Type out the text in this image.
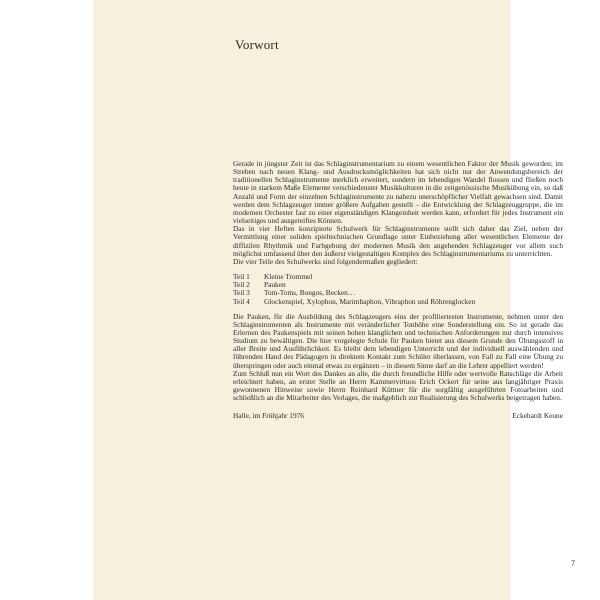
Vorwort

Gerade in jüngster Zeit ist das Schlaginstrumentarium zu einem wesentlichen Faktor der Musik geworden; im Streben nach neuen Klang- und Ausdrucksmöglichkeiten hat sich nicht nur der Anwendungsbereich der traditionellen Schlaginstrumente merklich erweitert, sondern im lebendigen Wandel flossen und fließen noch heute in starkem Maße Elemente verschiedenster Musikkulturen in die zeitgenössische Musikübung ein, so daß Anzahl und Form der einzelnen Schlaginstrumente zu nahezu unerschöpflicher Vielfalt gewachsen sind. Damit werden dem Schlagzeuger immer größere Aufgaben gestellt – die Entwicklung der Schlagzeuggruppe, die im modernen Orchester fast zu einer eigenständigen Klangeinheit werden kann, erfordert für jedes Instrument ein vielseitiges und ausgereiftes Können.

Das in vier Heften konzipierte Schulwerk für Schlaginstrumente stellt sich daher das Ziel, neben der Vermittlung einer soliden spieltechnischen Grundlage unter Einbeziehung aller wesentlichen Elemente der diffizilen Rhythmik und Farbgebung der modernen Musik den angehenden Schlagzeuger vor allem such möglichst umfassend über den äußerst vielgestaltigen Komplex des Schlaginstrumentariums zu unterrichten.

Die vier Teile des Schulwerks sind folgendermaßen gegliedert:

Teil 1	Kleine Trommel
Teil 2	Pauken
Teil 3	Tom-Toms, Bongos, Becken…
Teil 4	Glockenspiel, Xylophon, Marimbaphon, Vibraphon und Röhrenglocken

Die Pauken, für die Ausbildung des Schlagzeugers eins der profiliertesten Instrumente, nehmen unter den Schlaginstrumenten als Instrumente mit veränderlicher Tonhöhe eine Sonderstellung ein. So ist gerade das Erlernen des Paukenspiels mit seinen hohen klanglichen und technischen Anforderungen nur durch intensives Studium zu bewältigen. Die hier vorgelegte Schule für Pauken bietet aus diesem Grunde den Übungsstoff in aller Breite und Ausführlichkeit. Es bleibt dem lebendigen Unterricht und der individuell auswählenden und führenden Hand des Pädagogen in direktem Kontakt zum Schüler überlassen, von Fall zu Fall eine Übung zu überspringen oder auch einmal etwas zu ergänzen – in diesem Sinne darf an die Lehrer appelliert werden!

Zum Schluß nun ein Wort des Dankes an alle, die durch freundliche Hilfe oder wertvolle Ratschläge die Arbeit erleichtert haben, an erster Stelle an Herrn Kammervirtuos Erich Ockert für seine aus langjähriger Praxis gewonnenen Hinweise sowie Herrn Reinhard Küttner für die sorgfältig ausgeführten Fotoarbeiten und schließlich an die Mitarbeiter des Verlages, die maßgeblich zur Realisierung des Schulwerks beigetragen haben.

Halle, im Frühjahr 1976	Eckehardt Keune
7
